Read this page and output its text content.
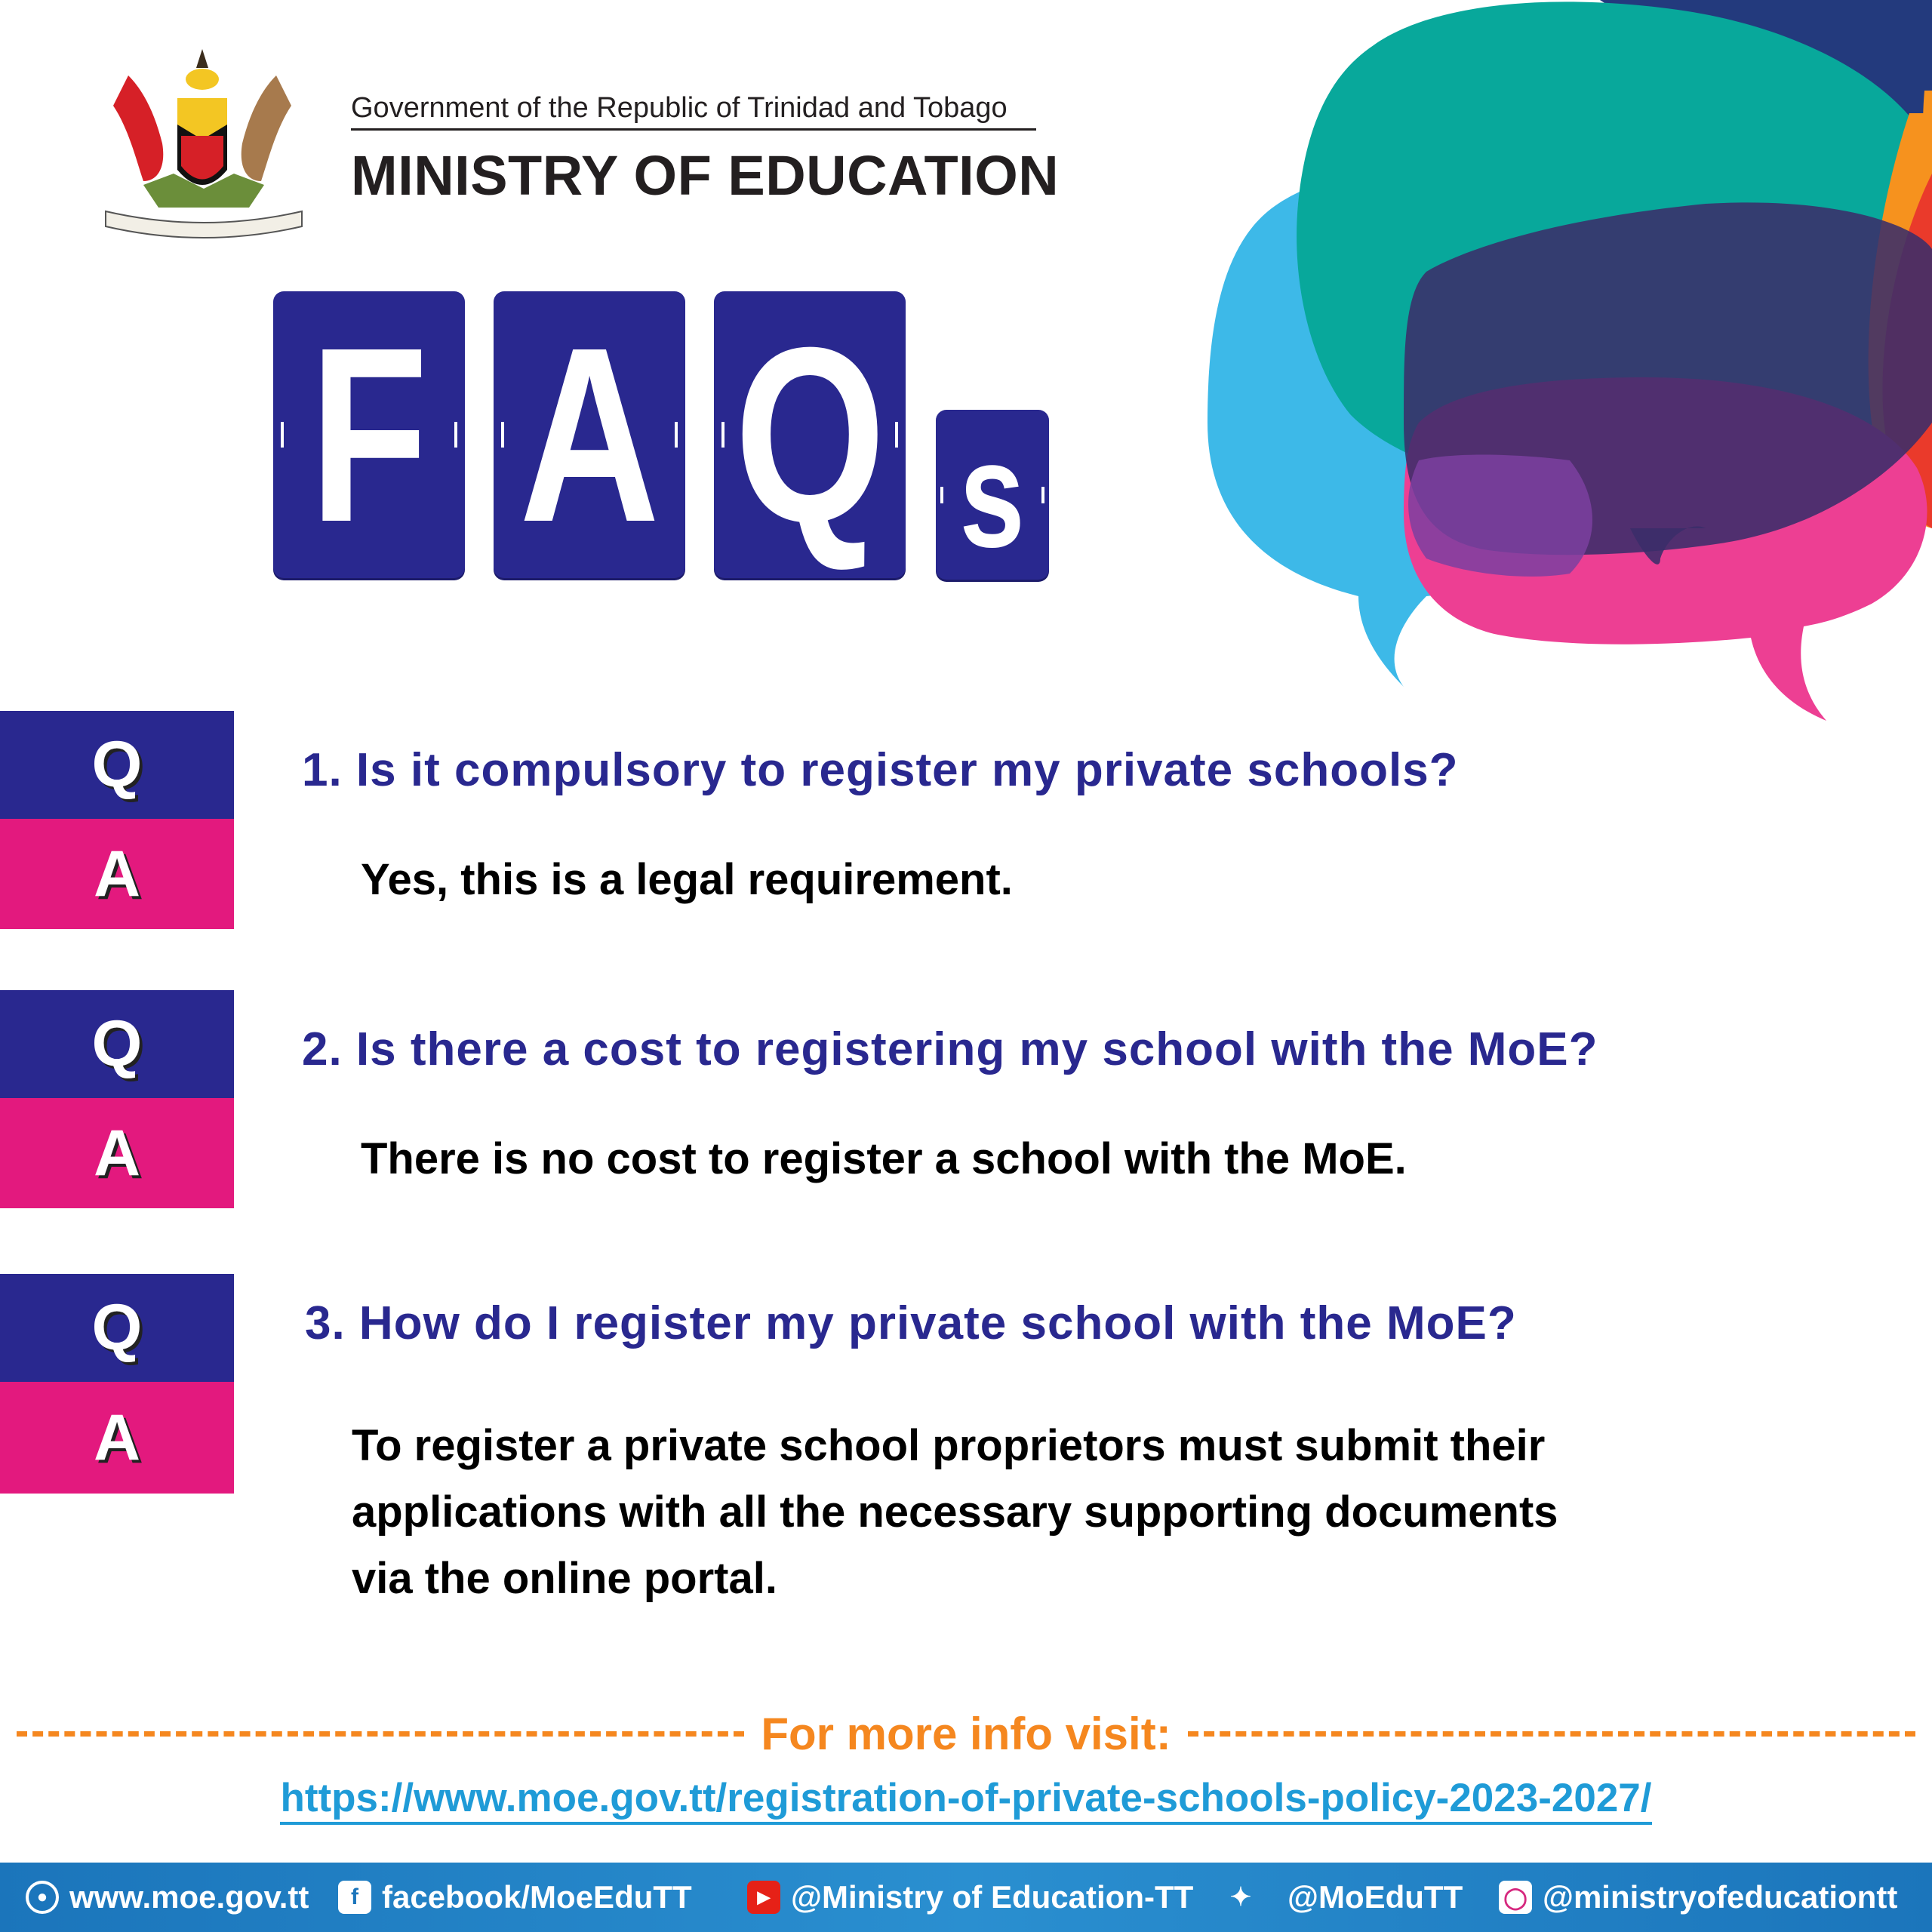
Government of the Republic of Trinidad and Tobago
MINISTRY OF EDUCATION
F A Q s
Q
A
1. Is it compulsory to register my private schools?
Yes, this is a legal requirement.
Q
A
2. Is there a cost to registering my school with the MoE?
There is no cost to register a school with the MoE.
Q
A
3. How do I register my private school with the MoE?
To register a private school proprietors must submit their
applications with all the necessary supporting documents
via the online portal.
For more info visit:
https://www.moe.gov.tt/registration-of-private-schools-policy-2023-2027/
● www.moe.gov.tt	f facebook/MoeEduTT	▶ @Ministry of Education-TT ✦ @MoEduTT ◯ @ministryofeducationtt
